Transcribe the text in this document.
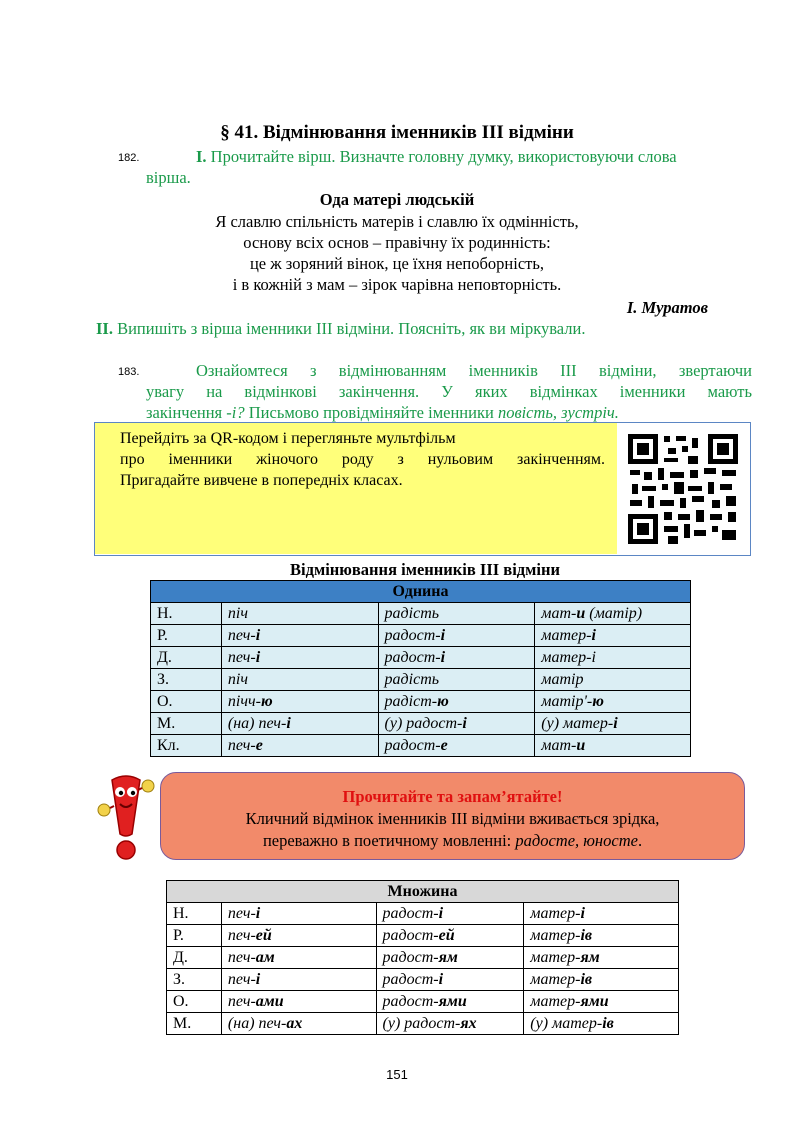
§ 41. Відмінювання іменників ІІІ відміни
182.	І. Прочитайте вірш. Визначте головну думку, використовуючи слова
вірша.
Ода матері людській
Я славлю спільність матерів і славлю їх одмінність,
основу всіх основ – правічну їх родинність:
це ж зоряний вінок, це їхня непоборність,
і в кожній з мам – зірок чарівна неповторність.
І. Муратов
ІІ. Випишіть з вірша іменники ІІІ відміни. Поясніть, як ви міркували.
183.	Ознайомтеся з відмінюванням іменників ІІІ відміни, звертаючи
увагу на відмінкові закінчення. У яких відмінках іменники мають
закінчення -і? Письмово провідміняйте іменники повість, зустріч.
Перейдіть за QR-кодом і перегляньте мультфільм
про іменники жіночого роду з нульовим закінченням.
Пригадайте вивчене в попередніх класах.
Відмінювання іменників ІІІ відміни
Однина			
Н.	піч	радість	мат-и (матір)
Р.	печ-і	радост-і	матер-і
Д.	печ-і	радост-і	матер-і
З.	піч	радість	матір
О.	пічч-ю	радіст-ю	матір'-ю
М.	(на) печ-і	(у) радост-і	(у) матер-і
Кл.	печ-е	радост-е	мат-и
Прочитайте та запам’ятайте!
Кличний відмінок іменників ІІІ відміни вживається зрідка,
переважно в поетичному мовленні: радосте, юносте.
Множина			
Н.	печ-і	радост-і	матер-і
Р.	печ-ей	радост-ей	матер-ів
Д.	печ-ам	радост-ям	матер-ям
З.	печ-і	радост-і	матер-ів
О.	печ-ами	радост-ями	матер-ями
М.	(на) печ-ах	(у) радост-ях	(у) матер-ів
151
